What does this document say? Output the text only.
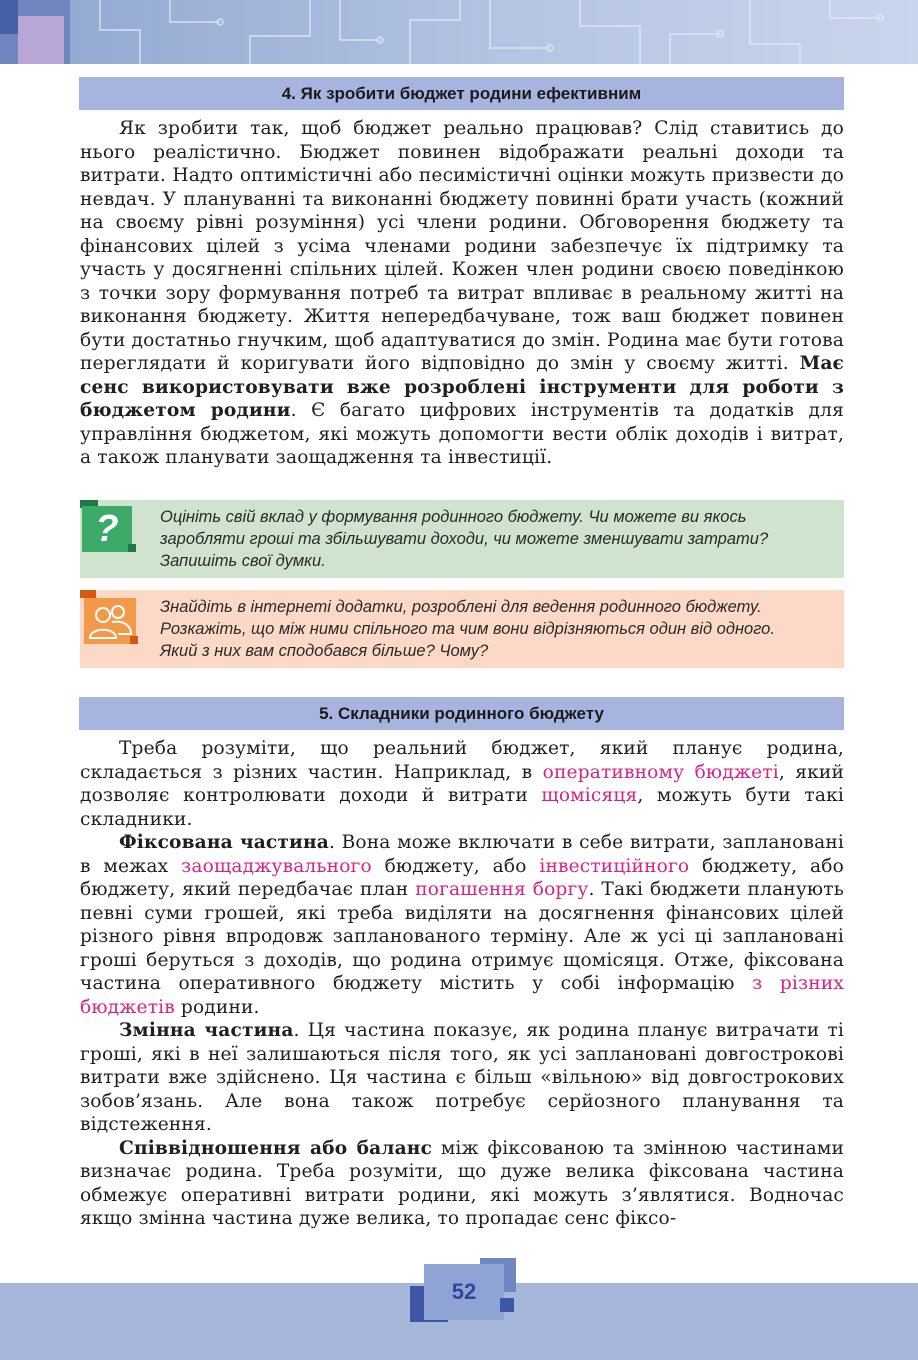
4. Як зробити бюджет родини ефективним

Як зробити так, щоб бюджет реально працював? Слід ставитись до нього реалістично. Бюджет повинен відображати реальні доходи та витрати. Надто оптимістичні або песимістичні оцінки можуть призвести до невдач. У плануванні та виконанні бюджету повинні брати участь (кожний на своєму рівні розуміння) усі члени родини. Обговорення бюджету та фінансових цілей з усіма членами родини забезпечує їх підтримку та участь у досягненні спільних цілей. Кожен член родини своєю поведінкою з точки зору формування потреб та витрат впливає в реальному житті на виконання бюджету. Життя непередбачуване, тож ваш бюджет повинен бути достатньо гнучким, щоб адаптуватися до змін. Родина має бути готова переглядати й коригувати його відповідно до змін у своєму житті. Має сенс використовувати вже розроблені інструменти для роботи з бюджетом родини. Є багато цифрових інструментів та додатків для управління бюджетом, які можуть допомогти вести облік доходів і витрат, а також планувати заощадження та інвестиції.

?	Оцініть свій вклад у формування родинного бюджету. Чи можете ви якось заробляти гроші та збільшувати доходи, чи можете зменшувати затрати? Запишіть свої думки.
Знайдіть в інтернеті додатки, розроблені для ведення родинного бюджету. Розкажіть, що між ними спільного та чим вони відрізняються один від одного. Який з них вам сподобався більше? Чому?
5. Складники родинного бюджету

Треба розуміти, що реальний бюджет, який планує родина, складається з різних частин. Наприклад, в оперативному бюджеті, який дозволяє контролювати доходи й витрати щомісяця, можуть бути такі складники.

Фіксована частина. Вона може включати в себе витрати, заплановані в межах заощаджувального бюджету, або інвестиційного бюджету, або бюджету, який передбачає план погашення боргу. Такі бюджети планують певні суми грошей, які треба виділяти на досягнення фінансових цілей різного рівня впродовж запланованого терміну. Але ж усі ці заплановані гроші беруться з доходів, що родина отримує щомісяця. Отже, фіксована частина оперативного бюджету містить у собі інформацію з різних бюджетів родини.

Змінна частина. Ця частина показує, як родина планує витрачати ті гроші, які в неї залишаються після того, як усі заплановані довгострокові витрати вже здійснено. Ця частина є більш «вільною» від довгострокових зобов’язань. Але вона також потребує серйозного планування та відстеження.

Співвідношення або баланс між фіксованою та змінною частинами визначає родина. Треба розуміти, що дуже велика фіксована частина обмежує оперативні витрати родини, які можуть з’являтися. Водночас якщо змінна частина дуже велика, то пропадає сенс фіксо-

52
